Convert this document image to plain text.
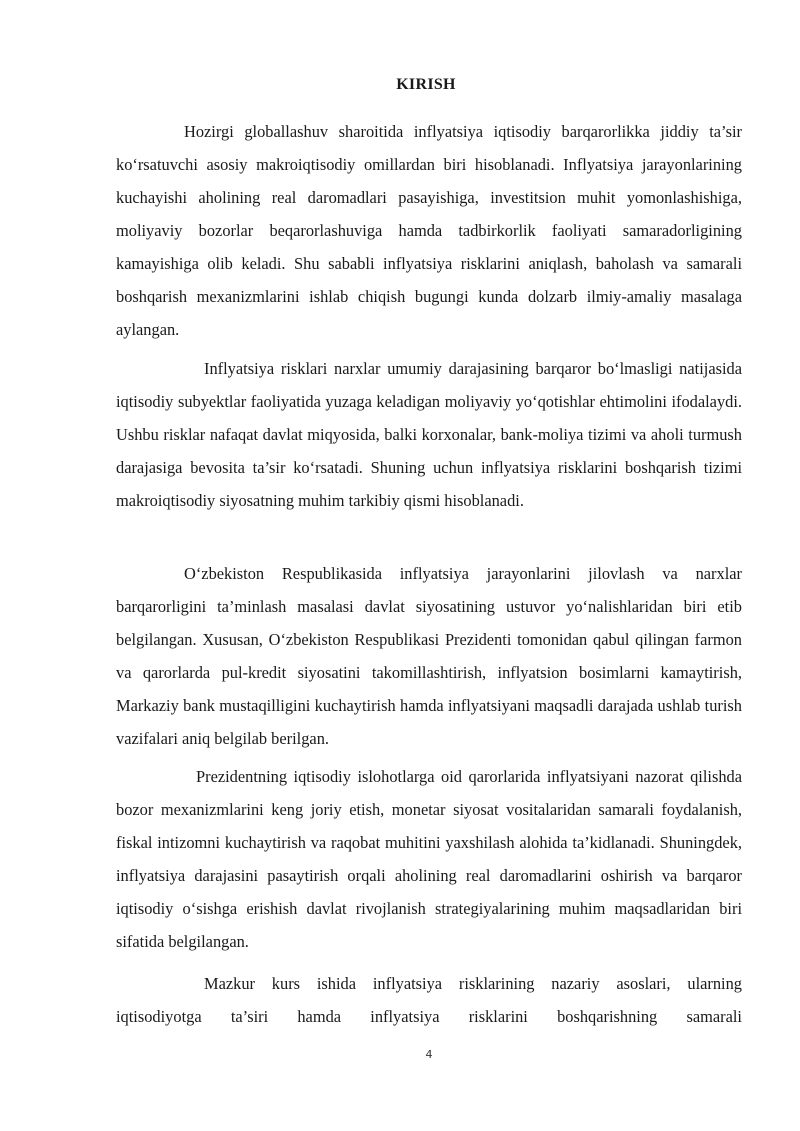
KIRISH

Hozirgi globallashuv sharoitida inflyatsiya iqtisodiy barqarorlikka jiddiy ta’sir ko‘rsatuvchi asosiy makroiqtisodiy omillardan biri hisoblanadi. Inflyatsiya jarayonlarining kuchayishi aholining real daromadlari pasayishiga, investitsion muhit yomonlashishiga, moliyaviy bozorlar beqarorlashuviga hamda tadbirkorlik faoliyati samaradorligining kamayishiga olib keladi. Shu sababli inflyatsiya risklarini aniqlash, baholash va samarali boshqarish mexanizmlarini ishlab chiqish bugungi kunda dolzarb ilmiy-amaliy masalaga aylangan.

Inflyatsiya risklari narxlar umumiy darajasining barqaror bo‘lmasligi natijasida iqtisodiy subyektlar faoliyatida yuzaga keladigan moliyaviy yo‘qotishlar ehtimolini ifodalaydi. Ushbu risklar nafaqat davlat miqyosida, balki korxonalar, bank-moliya tizimi va aholi turmush darajasiga bevosita ta’sir ko‘rsatadi. Shuning uchun inflyatsiya risklarini boshqarish tizimi makroiqtisodiy siyosatning muhim tarkibiy qismi hisoblanadi.

O‘zbekiston Respublikasida inflyatsiya jarayonlarini jilovlash va narxlar barqarorligini ta’minlash masalasi davlat siyosatining ustuvor yo‘nalishlaridan biri etib belgilangan. Xususan, O‘zbekiston Respublikasi Prezidenti tomonidan qabul qilingan farmon va qarorlarda pul-kredit siyosatini takomillashtirish, inflyatsion bosimlarni kamaytirish, Markaziy bank mustaqilligini kuchaytirish hamda inflyatsiyani maqsadli darajada ushlab turish vazifalari aniq belgilab berilgan.

Prezidentning iqtisodiy islohotlarga oid qarorlarida inflyatsiyani nazorat qilishda bozor mexanizmlarini keng joriy etish, monetar siyosat vositalaridan samarali foydalanish, fiskal intizomni kuchaytirish va raqobat muhitini yaxshilash alohida ta’kidlanadi. Shuningdek, inflyatsiya darajasini pasaytirish orqali aholining real daromadlarini oshirish va barqaror iqtisodiy o‘sishga erishish davlat rivojlanish strategiyalarining muhim maqsadlaridan biri sifatida belgilangan.

Mazkur kurs ishida inflyatsiya risklarining nazariy asoslari, ularning iqtisodiyotga ta’siri hamda inflyatsiya risklarini boshqarishning samarali

4
